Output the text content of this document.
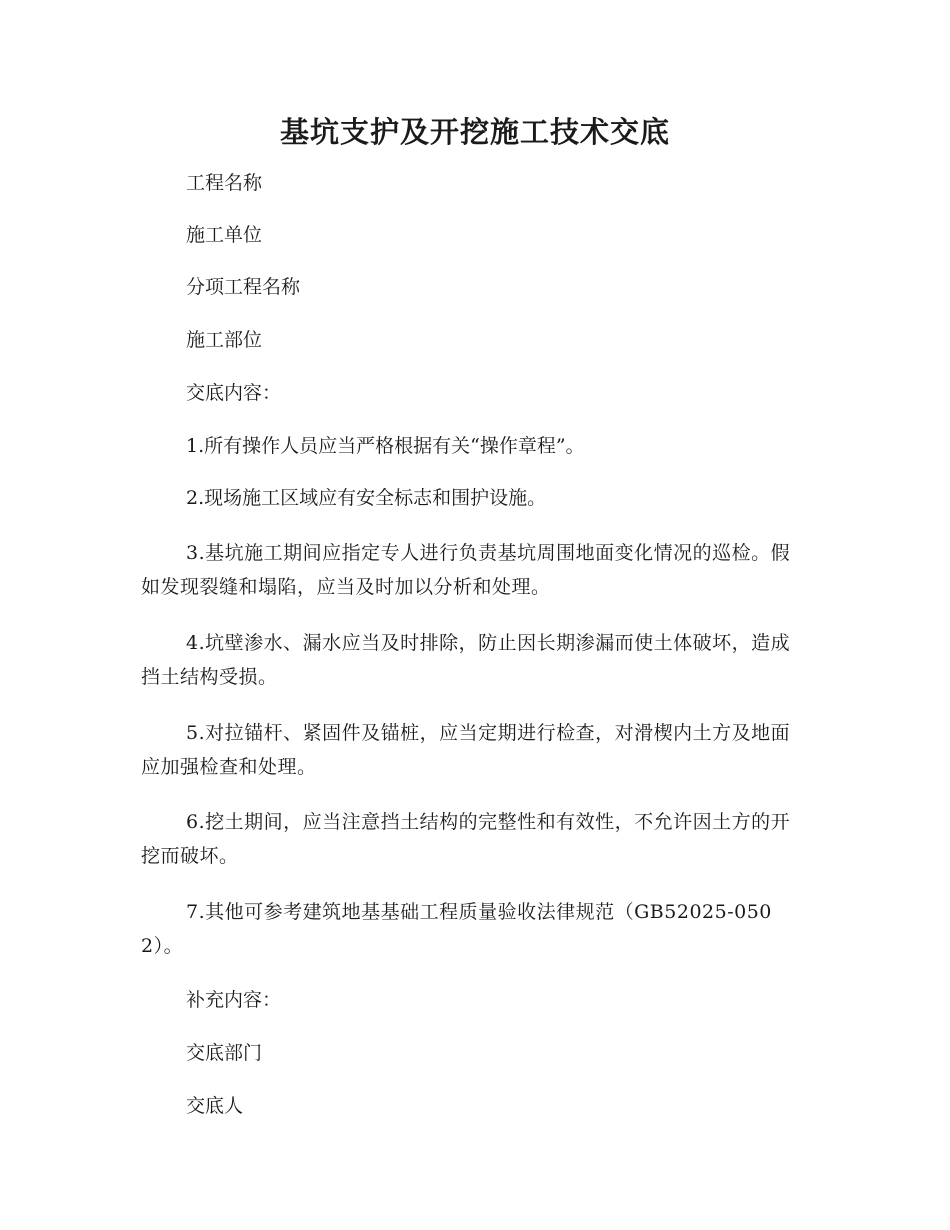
基坑支护及开挖施工技术交底
工程名称
施工单位
分项工程名称
施工部位
交底内容：
1.所有操作人员应当严格根据有关“操作章程”。
2.现场施工区域应有安全标志和围护设施。
3.基坑施工期间应指定专人进行负责基坑周围地面变化情况的巡检。假如发现裂缝和塌陷，应当及时加以分析和处理。
4.坑壁渗水、漏水应当及时排除，防止因长期渗漏而使土体破坏，造成挡土结构受损。
5.对拉锚杆、紧固件及锚桩，应当定期进行检查，对滑楔内土方及地面应加强检查和处理。
6.挖土期间，应当注意挡土结构的完整性和有效性，不允许因土方的开挖而破坏。
7.其他可参考建筑地基基础工程质量验收法律规范（GB52025-0502）。
补充内容：
交底部门
交底人
